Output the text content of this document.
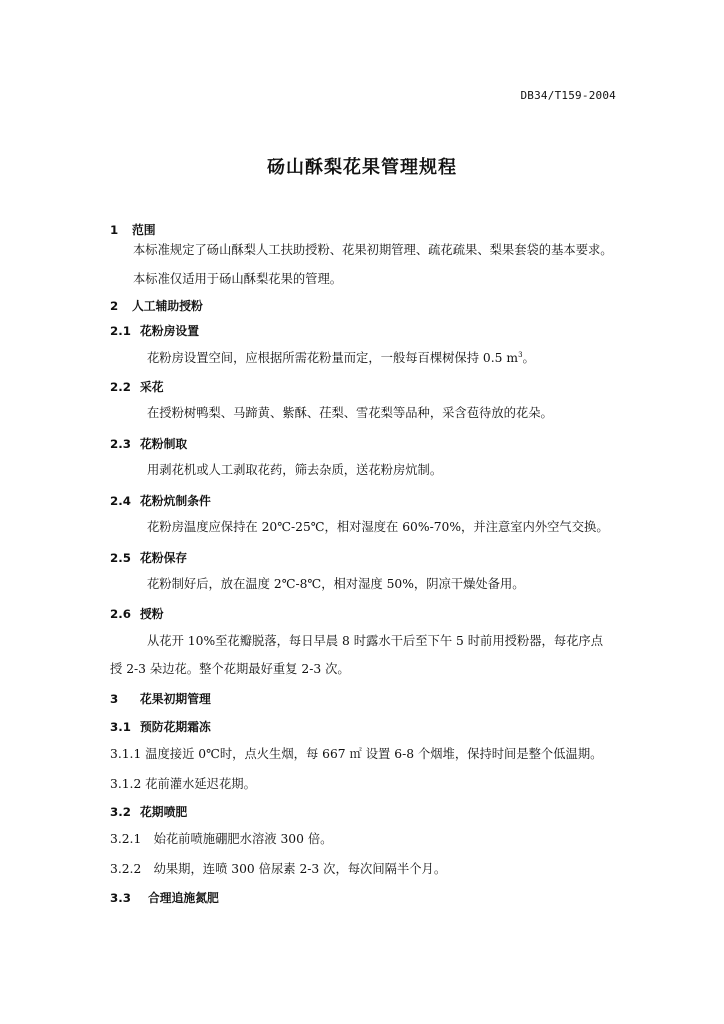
DB34/T159-2004
砀山酥梨花果管理规程
1 范围
本标准规定了砀山酥梨人工扶助授粉、花果初期管理、疏花疏果、梨果套袋的基本要求。
本标准仅适用于砀山酥梨花果的管理。
2 人工辅助授粉
2.1 花粉房设置
花粉房设置空间，应根据所需花粉量而定，一般每百棵树保持 0.5 $m^3$。
2.2 采花
在授粉树鸭梨、马蹄黄、紫酥、茌梨、雪花梨等品种，采含苞待放的花朵。
2.3 花粉制取
用剥花机或人工剥取花药，筛去杂质，送花粉房炕制。
2.4 花粉炕制条件
花粉房温度应保持在 20℃-25℃，相对湿度在 60%-70%，并注意室内外空气交换。
2.5 花粉保存
花粉制好后，放在温度 2℃-8℃，相对湿度 50%，阴凉干燥处备用。
2.6 授粉
从花开 10%至花瓣脱落，每日早晨 8 时露水干后至下午 5 时前用授粉器，每花序点
授 2-3 朵边花。整个花期最好重复 2-3 次。
3 花果初期管理
3.1 预防花期霜冻
3.1.1 温度接近 0℃时，点火生烟，每 667 ㎡ 设置 6-8 个烟堆，保持时间是整个低温期。
3.1.2 花前灌水延迟花期。
3.2 花期喷肥
3.2.1　始花前喷施硼肥水溶液 300 倍。
3.2.2　幼果期，连喷 300 倍尿素 2-3 次，每次间隔半个月。
3.3 合理追施氮肥
